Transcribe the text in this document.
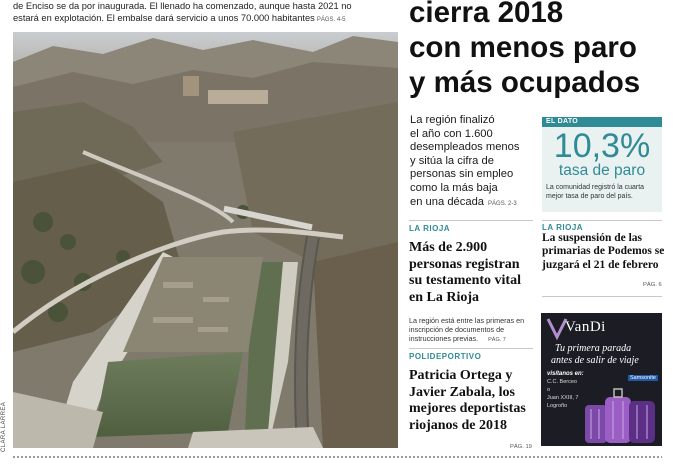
de Enciso se da por inaugurada. El llenado ha comenzado, aunque hasta 2021 no
estará en explotación. El embalse dará servicio a unos 70.000 habitantes PÁGS. 4-5
CLARA LARREA
cierra 2018
con menos paro
y más ocupados
La región finalizó
el año con 1.600
desempleados menos
y sitúa la cifra de
personas sin empleo
como la más baja
en una década PÁGS. 2-3
EL DATO
10,3%
tasa de paro
La comunidad registró la cuarta mejor tasa de paro del país.
LA RIOJA
Más de 2.900 personas registran su testamento vital en La Rioja
La región está entre las primeras en inscripción de documentos de instrucciones previas. PÁG. 7
POLIDEPORTIVO
Patricia Ortega y Javier Zabala, los mejores deportistas riojanos de 2018
PÁG. 19
LA RIOJA
La suspensión de las primarias de Podemos se juzgará el 21 de febrero
PÁG. 6
VanDi
Tu primera parada
antes de salir de viaje
visítanos en:
C.C. Berceo
o
Juan XXIII, 7
Logroño
Samsonite
